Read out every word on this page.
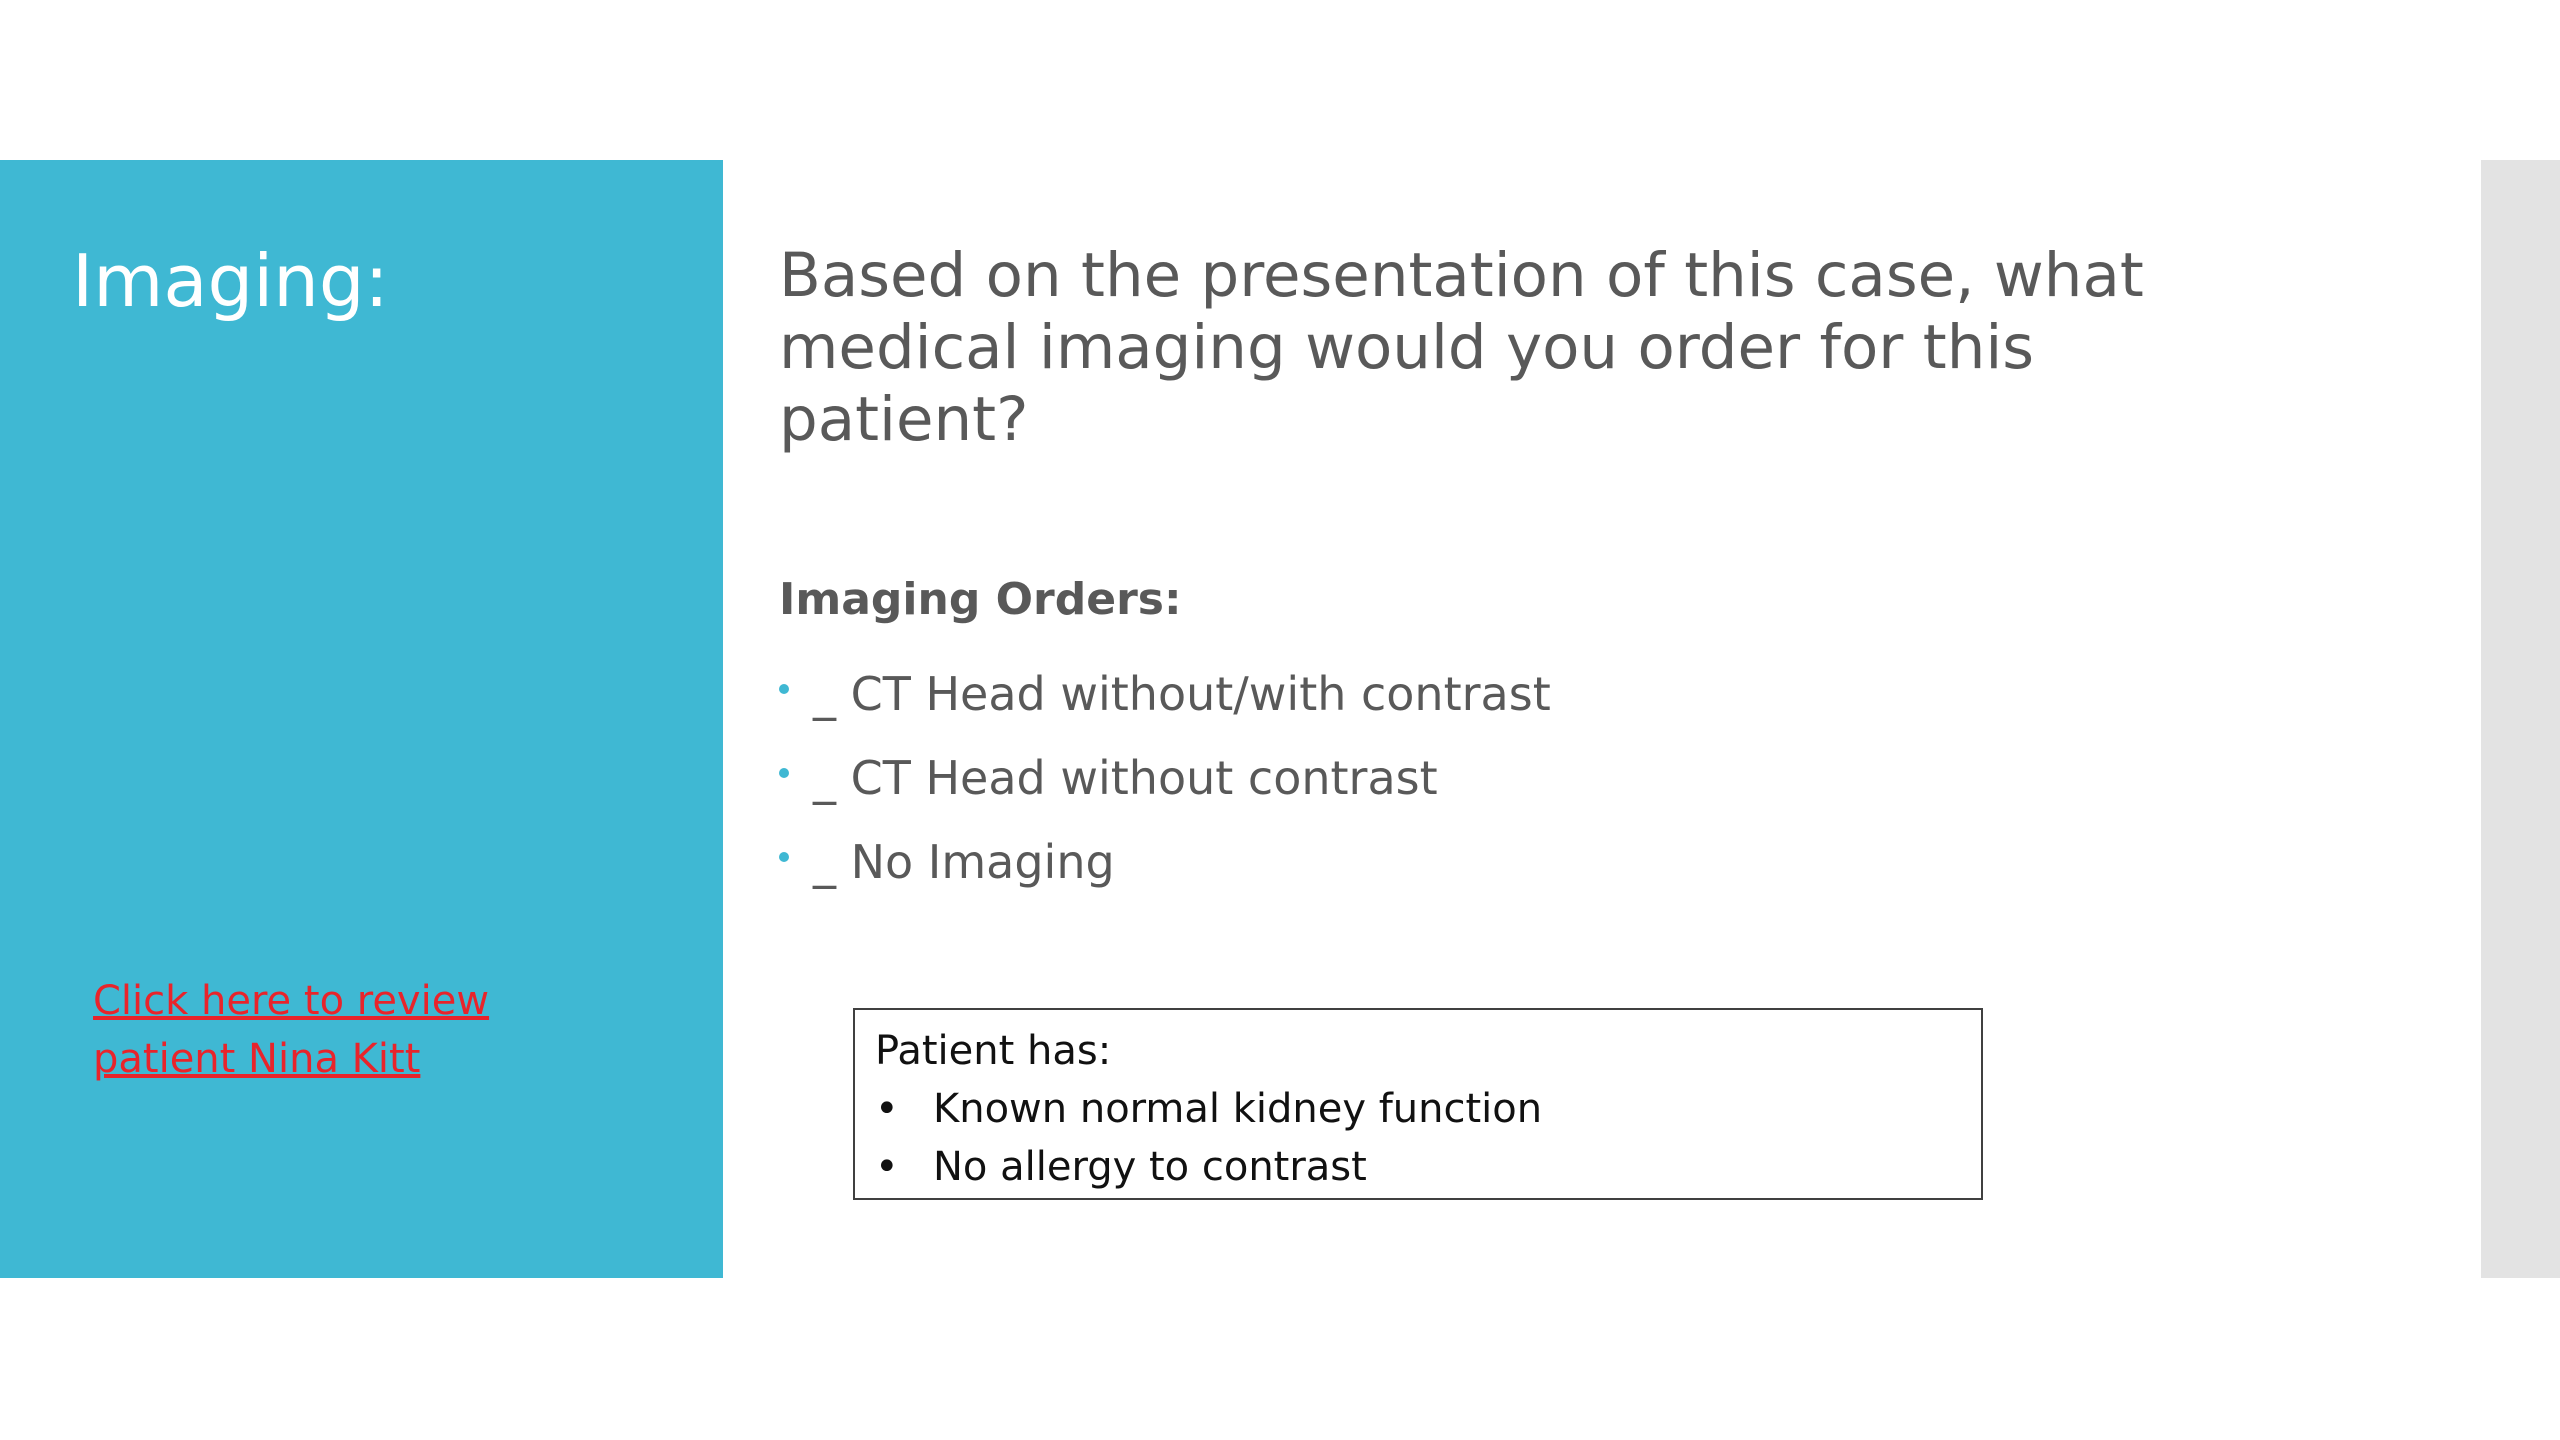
Imaging:
Click here to review patient Nina Kitt
Based on the presentation of this case, what medical imaging would you order for this patient?
Imaging Orders:
_ CT Head without/with contrast
_ CT Head without contrast
_ No Imaging
Patient has:
• Known normal kidney function
• No allergy to contrast
